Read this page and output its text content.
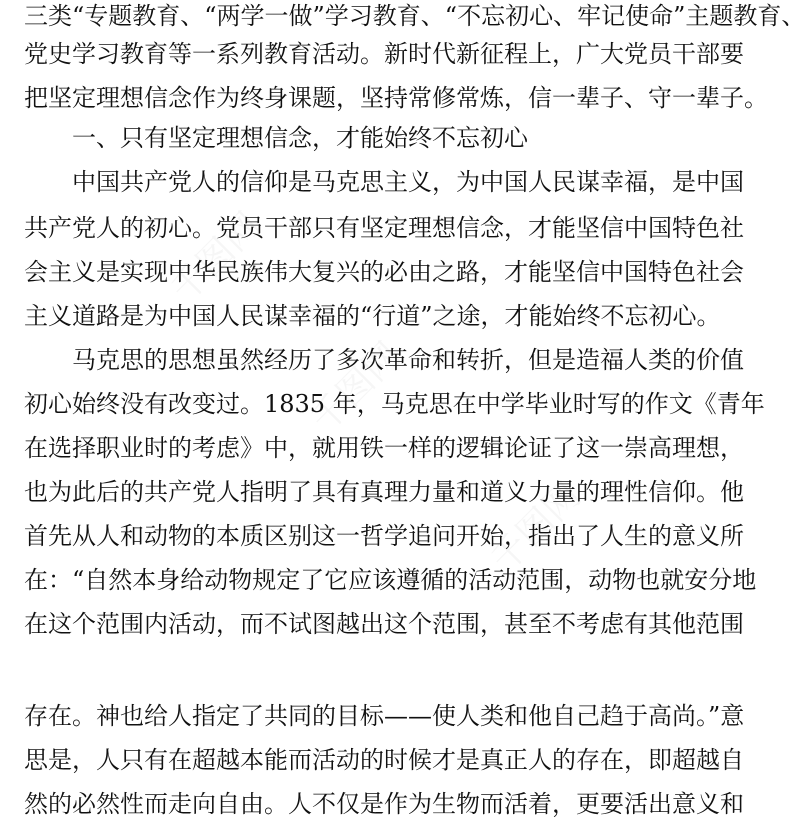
千图网
千图网
千图网
三类“专题教育、“两学一做”学习教育、“不忘初心、牢记使命”主题教育、
党史学习教育等一系列教育活动。新时代新征程上，广大党员干部要
把坚定理想信念作为终身课题，坚持常修常炼，信一辈子、守一辈子。
一、只有坚定理想信念，才能始终不忘初心
中国共产党人的信仰是马克思主义，为中国人民谋幸福，是中国
共产党人的初心。党员干部只有坚定理想信念，才能坚信中国特色社
会主义是实现中华民族伟大复兴的必由之路，才能坚信中国特色社会
主义道路是为中国人民谋幸福的“行道”之途，才能始终不忘初心。
马克思的思想虽然经历了多次革命和转折，但是造福人类的价值
初心始终没有改变过。1835 年，马克思在中学毕业时写的作文《青年
在选择职业时的考虑》中，就用铁一样的逻辑论证了这一崇高理想，
也为此后的共产党人指明了具有真理力量和道义力量的理性信仰。他
首先从人和动物的本质区别这一哲学追问开始，指出了人生的意义所
在：“自然本身给动物规定了它应该遵循的活动范围，动物也就安分地
在这个范围内活动，而不试图越出这个范围，甚至不考虑有其他范围
存在。神也给人指定了共同的目标——使人类和他自己趋于高尚。”意
思是，人只有在超越本能而活动的时候才是真正人的存在，即超越自
然的必然性而走向自由。人不仅是作为生物而活着，更要活出意义和
